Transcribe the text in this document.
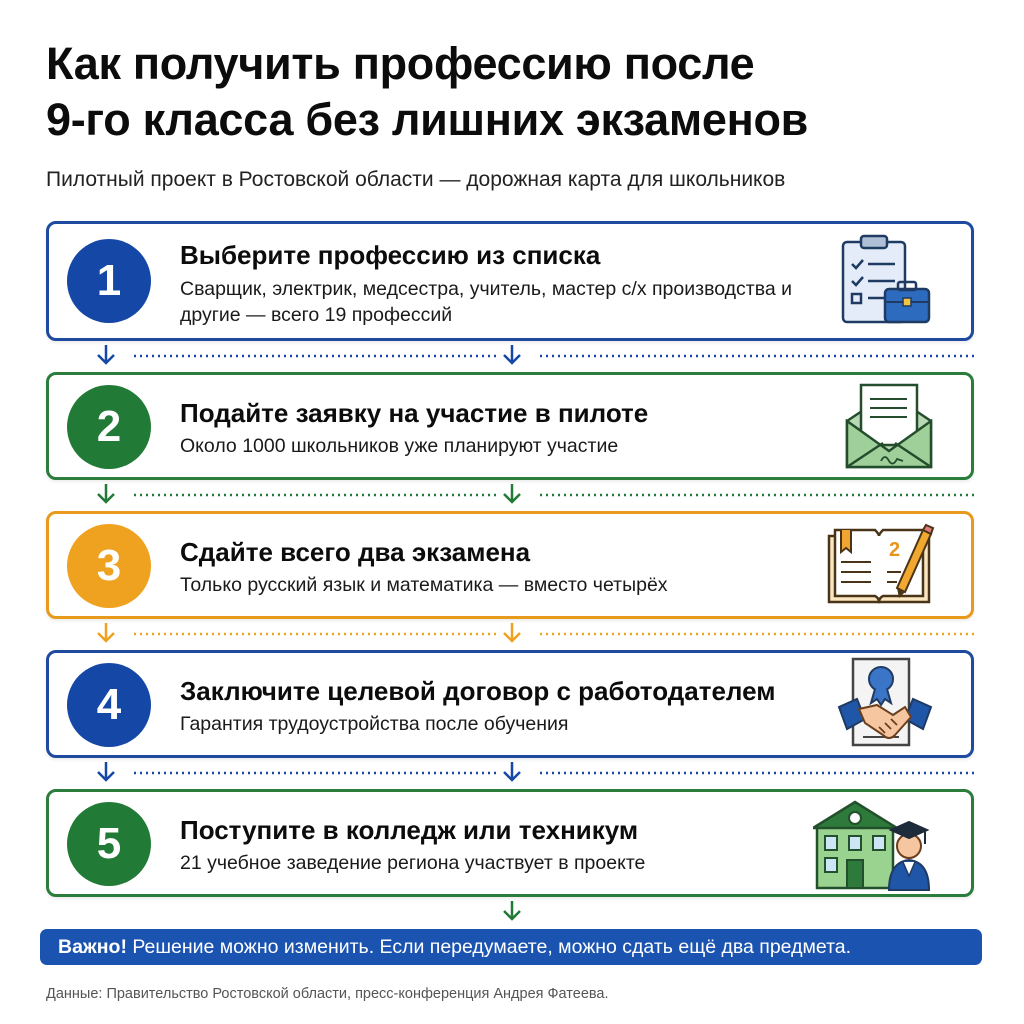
Как получить профессию после
9-го класса без лишних экзаменов
Пилотный проект в Ростовской области — дорожная карта для школьников
1
Выберите профессию из списка
Сварщик, электрик, медсестра, учитель, мастер с/х производства и другие — всего 19 профессий
2	Подайте заявку на участие в пилоте
Около 1000 школьников уже планируют участие
3	Сдайте всего два экзамена
Только русский язык и математика — вместо четырёх
2
4	Заключите целевой договор с работодателем
Гарантия трудоустройства после обучения
5	Поступите в колледж или техникум
21 учебное заведение региона участвует в проекте
Важно! Решение можно изменить. Если передумаете, можно сдать ещё два предмета.
Данные: Правительство Ростовской области, пресс-конференция Андрея Фатеева.
